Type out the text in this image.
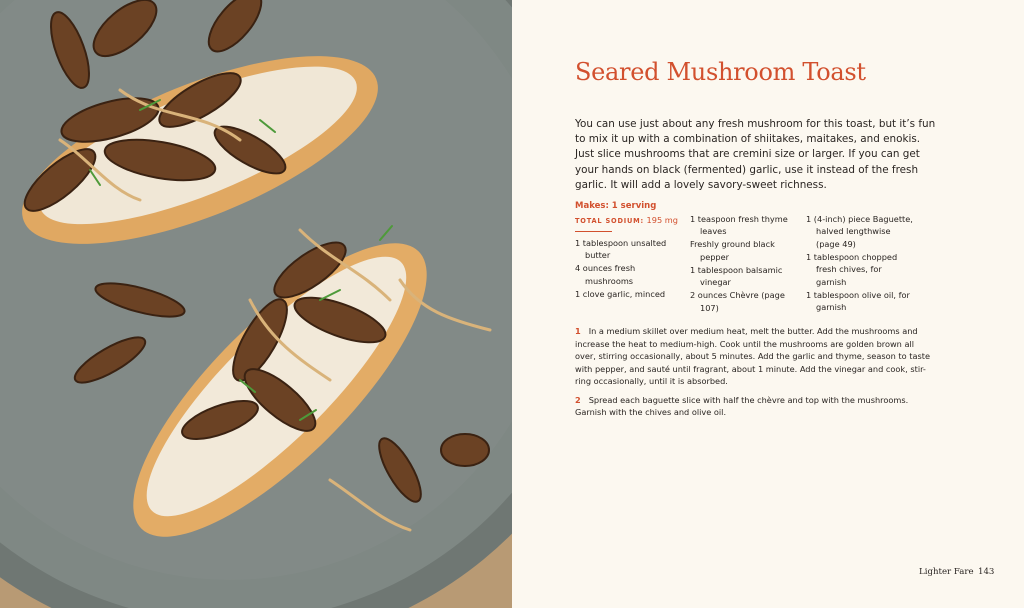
Seared Mushroom Toast
You can use just about any fresh mushroom for this toast, but it’s fun
to mix it up with a combination of shiitakes, maitakes, and enokis.
Just slice mushrooms that are cremini size or larger. If you can get
your hands on black (fermented) garlic, use it instead of the fresh
garlic. It will add a lovely savory-sweet richness.
Makes: 1 serving
TOTAL SODIUM: 195 mg
1 tablespoon unsalted
butter
4 ounces fresh
mushrooms
1 clove garlic, minced
1 teaspoon fresh thyme
leaves
Freshly ground black
pepper
1 tablespoon balsamic
vinegar
2 ounces Chèvre (page
107)
1 (4-inch) piece Baguette,
halved lengthwise
(page 49)
1 tablespoon chopped
fresh chives, for
garnish
1 tablespoon olive oil, for
garnish
1 In a medium skillet over medium heat, melt the butter. Add the mushrooms and
increase the heat to medium-high. Cook until the mushrooms are golden brown all
over, stirring occasionally, about 5 minutes. Add the garlic and thyme, season to taste
with pepper, and sauté until fragrant, about 1 minute. Add the vinegar and cook, stir-
ring occasionally, until it is absorbed.
2 Spread each baguette slice with half the chèvre and top with the mushrooms.
Garnish with the chives and olive oil.
Lighter Fare 143
